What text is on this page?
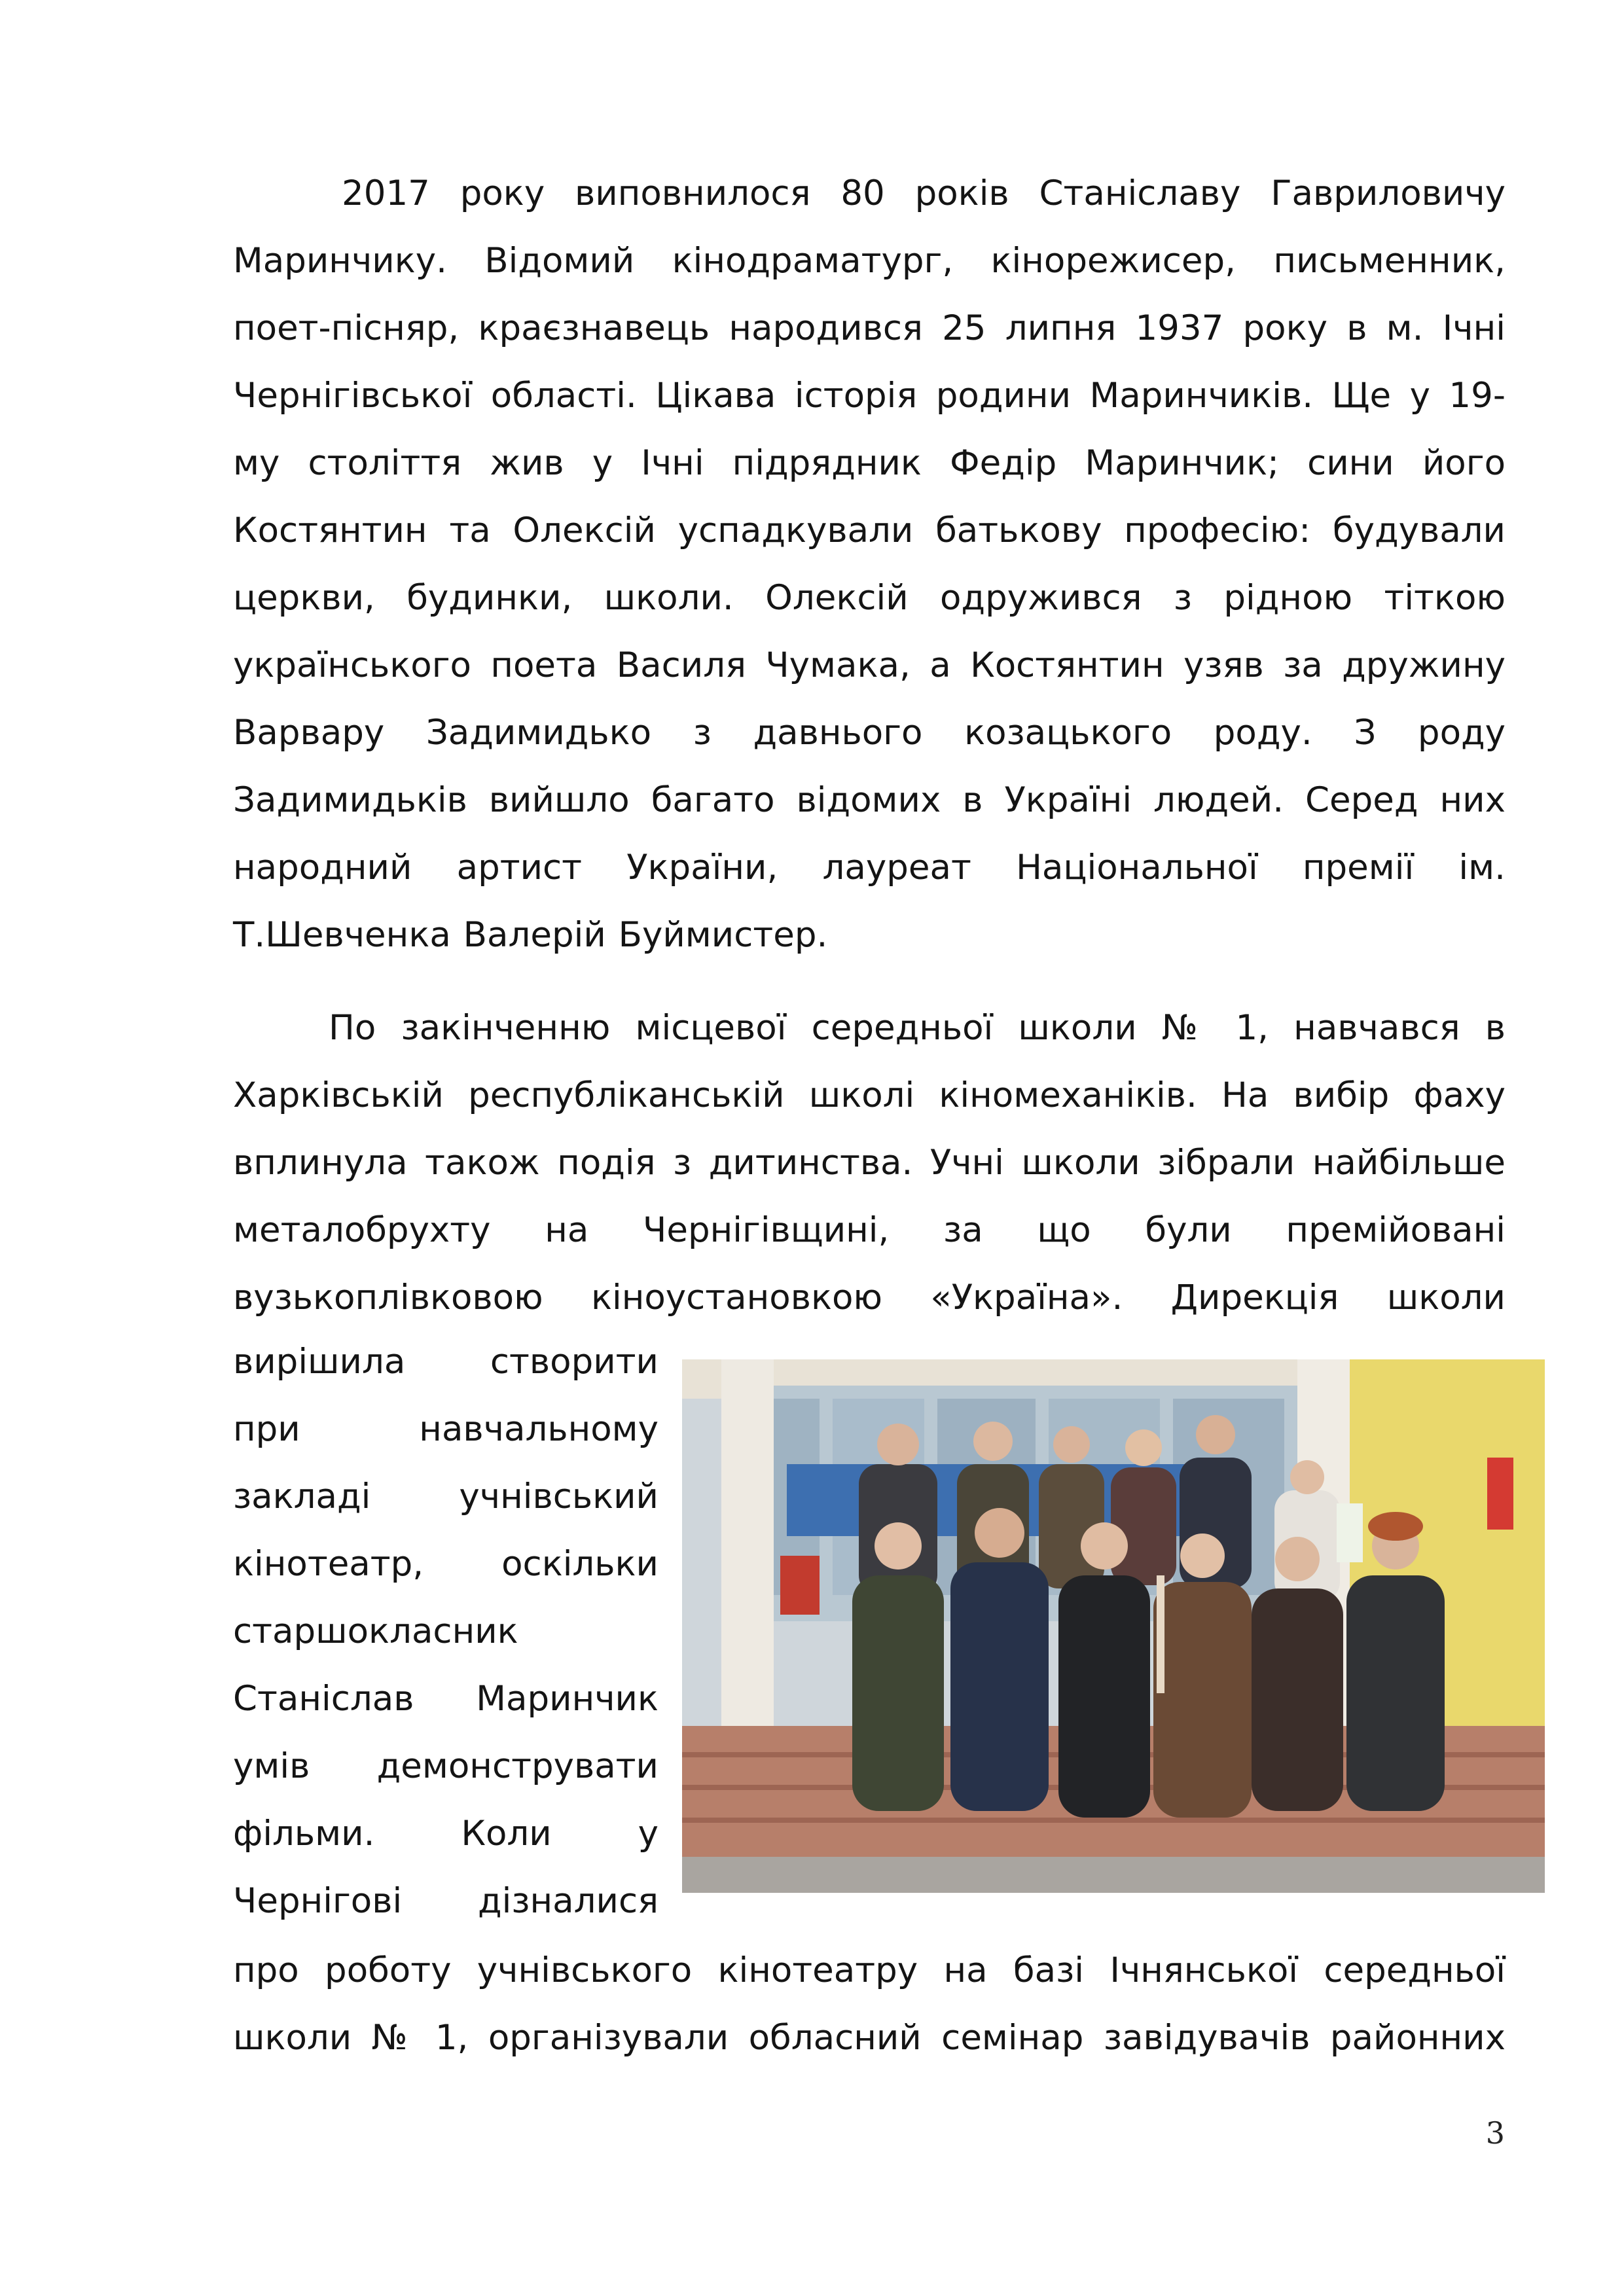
2017 року виповнилося 80 років Станіславу Гавриловичу
Маринчику. Відомий кінодраматург, кінорежисер, письменник,
поет-пісняр, краєзнавець народився 25 липня 1937 року в м. Ічні
Чернігівської області. Цікава історія родини Маринчиків. Ще у 19-
му століття жив у Ічні підрядник Федір Маринчик; сини його
Костянтин та Олексій успадкували батькову професію: будували
церкви, будинки, школи. Олексій одружився з рідною тіткою
українського поета Василя Чумака, а Костянтин узяв за дружину
Варвару Задимидько з давнього козацького роду. З роду
Задимидьків вийшло багато відомих в Україні людей. Серед них
народний артист України, лауреат Національної премії ім.
Т.Шевченка Валерій Буймистер.
По закінченню місцевої середньої школи № 1, навчався в
Харківській республіканській школі кіномеханіків. На вибір фаху
вплинула також подія з дитинства. Учні школи зібрали найбільше
металобрухту на Чернігівщині, за що були премійовані
вузькоплівковою кіноустановкою «Україна». Дирекція школи
вирішила створити
при навчальному
закладі учнівський
кінотеатр, оскільки
старшокласник
Станіслав Маринчик
умів демонструвати
фільми. Коли у
Чернігові дізналися
про роботу учнівського кінотеатру на базі Ічнянської середньої
школи № 1, організували обласний семінар завідувачів районних
3
